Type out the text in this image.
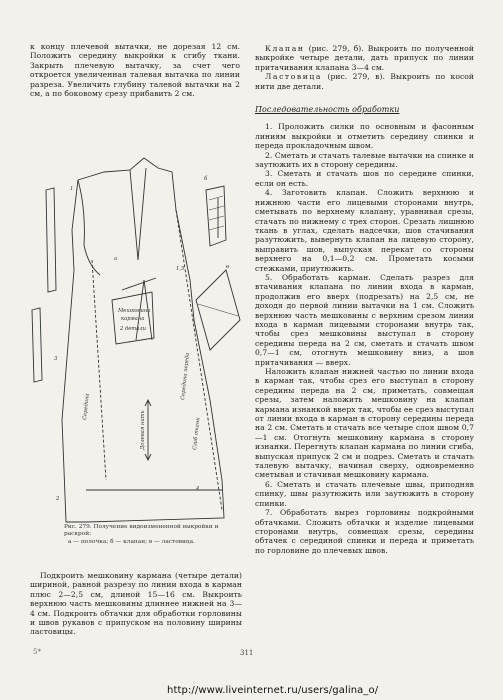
к концу плечевой вытачки, не дорезая 12 см. Положить середину выкройки к сгибу ткани. Закрыть плечевую вытачку, за счет чего откроется увеличенная талевая вытачка по линии разреза. Увеличить глубину талевой вытачки на 2 см, а по боковому срезу прибавить 2 см.

а
б
в
1
2
3
4
1,5
Мешковина
кармана
2 детали
Середина переда
Сгиб ткани
Долевая нить
Середина
Рис. 279. Получение видоизмененной выкройки и раскрой:
а — полочка; б — клапан; в — ластовица.

Подкроить мешковину кармана (четыре детали) шириной, равной разрезу по линии входа в карман плюс 2—2,5 см, длиной 15—16 см. Выкроить верхнюю часть мешковины длиннее нижней на 3—4 см. Подкроить обтачки для обработки горловины и швов рукавов с припуском на половину ширины ластовицы.

Клапан (рис. 279, б). Выкроить по полученной выкройке четыре детали, дать припуск по линии притачивания клапана 3—4 см.

Ластовица (рис. 279, в). Выкроить по косой нити две детали.

Последовательность обработки

1. Проложить силки по основным и фасонным линиям выкройки и отметить середину спинки и переда прокладочным швом.

2. Сметать и стачать талевые вытачки на спинке и заутюжить их в сторону середины.

3. Сметать и стачать шов по середине спинки, если он есть.

4. Заготовить клапан. Сложить верхнюю и нижнюю части его лицевыми сторонами внутрь, сметывать по верхнему клапану, уравнивая срезы, стачать по нижнему с трех сторон. Срезать лишнюю ткань в углах, сделать надсечки, шов стачивания разутюжить, вывернуть клапан на лицевую сторону, выправить шов, выпуская перекат со стороны верхнего на 0,1—0,2 см. Прометать косыми стежками, приутюжить.

5. Обработать карман. Сделать разрез для втачивания клапана по линии входа в карман, продолжив его вверх (подрезать) на 2,5 см, не доходя до первой линии вытачки на 1 см. Сложить верхнюю часть мешковины с верхним срезом линии входа в карман лицевыми сторонами внутрь так, чтобы срез мешковины выступал в сторону середины переда на 2 см, сметать и стачать швом 0,7—1 см, отогнуть мешковину вниз, а шов притачивания — вверх.

Наложить клапан нижней частью по линии входа в карман так, чтобы срез его выступал в сторону середины переда на 2 см, приметать, совмещая срезы, затем наложить мешковину на клапан кармана изнанкой вверх так, чтобы ее срез выступал от линии входа в карман в сторону середины переда на 2 см. Сметать и стачать все четыре слоя швом 0,7—1 см. Отогнуть мешковину кармана в сторону изнанки. Перегнуть клапан кармана по линии сгиба, выпуская припуск 2 см и подрез. Сметать и стачать талевую вытачку, начиная сверху, одновременно сметывая и стачивая мешковину кармана.

6. Сметать и стачать плечевые швы, приподняв спинку, швы разутюжить или заутюжить в сторону спинки.

7. Обработать вырез горловины подкройными обтачками. Сложить обтачки и изделие лицевыми сторонами внутрь, совмещая срезы, середины обтачек с серединой спинки и переда и приметать по горловине до плечевых швов.

5*	311
http://www.liveinternet.ru/users/galina_o/
